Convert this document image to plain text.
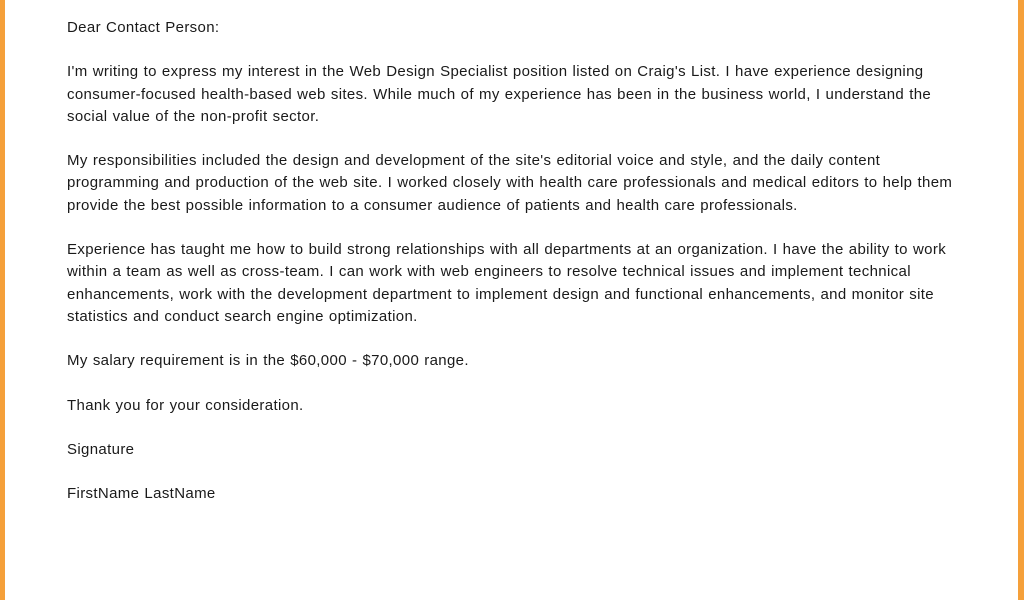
Dear Contact Person:

I'm writing to express my interest in the Web Design Specialist position listed on Craig's List. I have experience designing consumer-focused health-based web sites. While much of my experience has been in the business world, I understand the social value of the non-profit sector.

My responsibilities included the design and development of the site's editorial voice and style, and the daily content programming and production of the web site. I worked closely with health care professionals and medical editors to help them provide the best possible information to a consumer audience of patients and health care professionals.

Experience has taught me how to build strong relationships with all departments at an organization. I have the ability to work within a team as well as cross-team. I can work with web engineers to resolve technical issues and implement technical enhancements, work with the development department to implement design and functional enhancements, and monitor site statistics and conduct search engine optimization.

My salary requirement is in the $60,000 - $70,000 range.

Thank you for your consideration.

Signature

FirstName LastName
